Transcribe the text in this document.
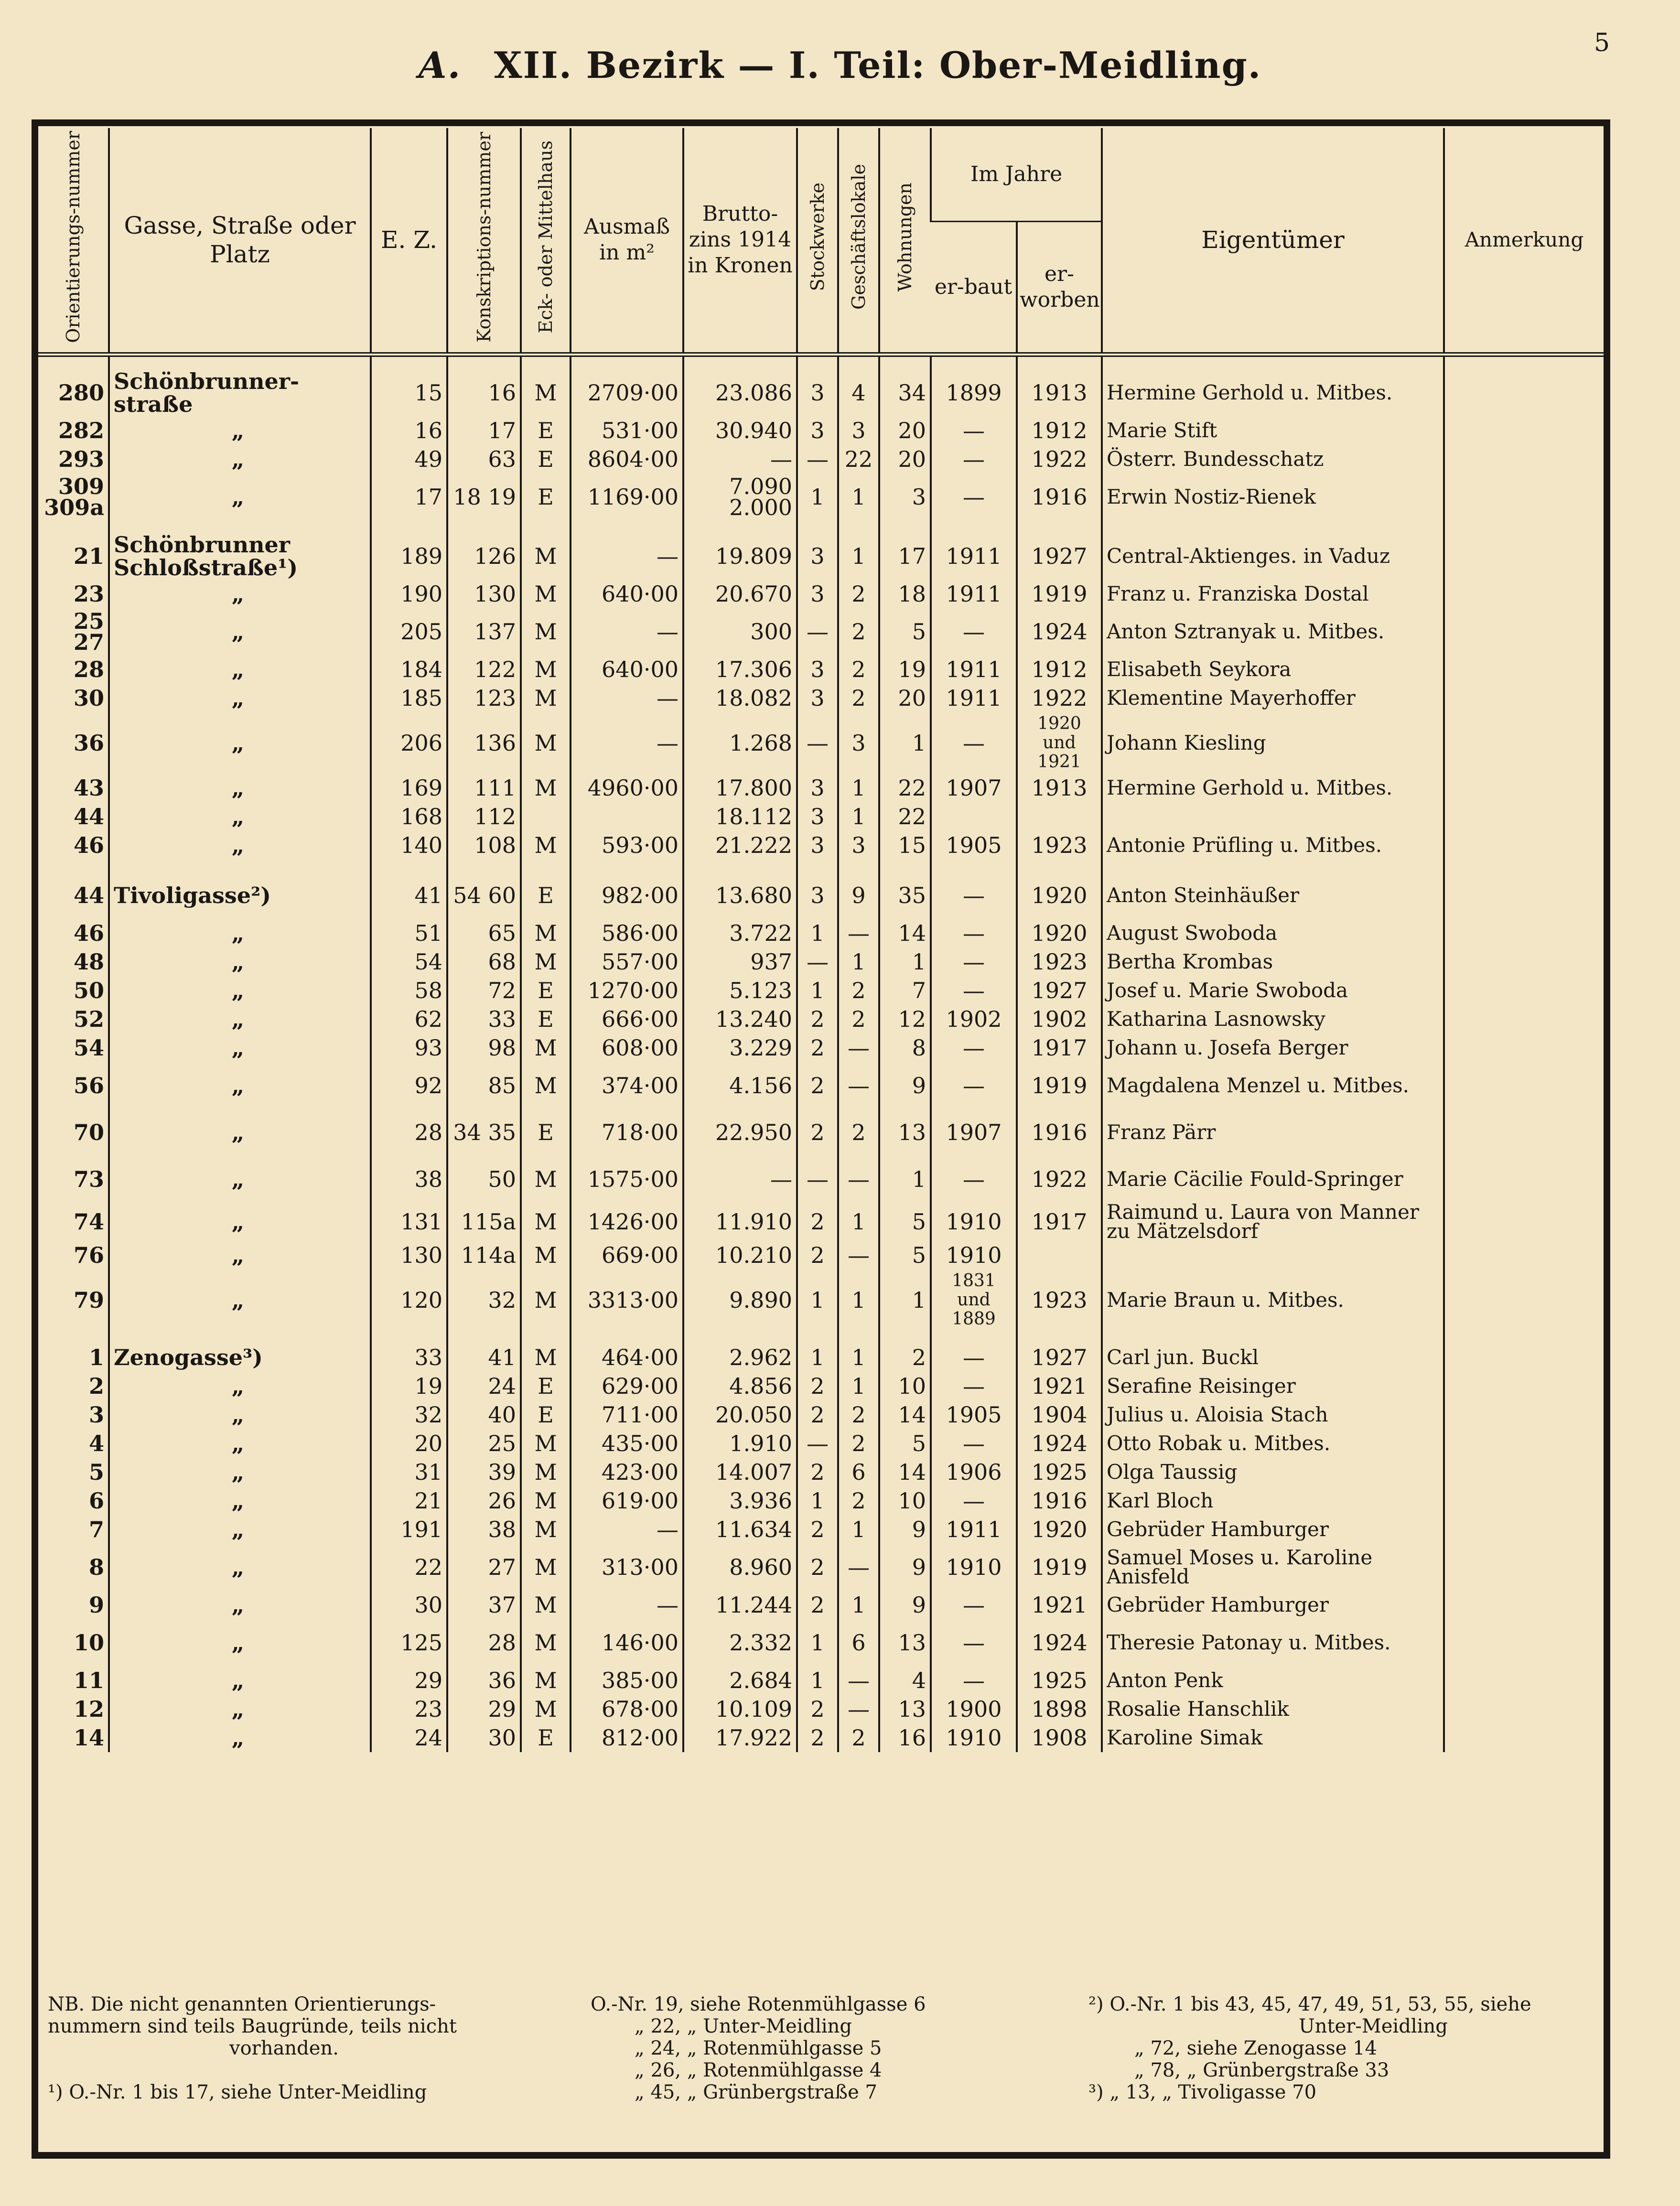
5
A. XII. Bezirk — I. Teil: Ober-Meidling.
Orientierungs-nummer	Gasse, Straße oder Platz	E. Z.	Konskriptions-nummer	Eck- oder Mittelhaus	Ausmaß in m²	Brutto-zins 1914 in Kronen	Stockwerke	Geschäftslokale	Wohnungen	Im Jahre		Eigentümer	Anmerkung
										er-baut	er-worben		

280	Schönbrunner-straße	15	16	M	2709·00	23.086	3	4	34	1899	1913	Hermine Gerhold u. Mitbes.	
282	„	16	17	E	531·00	30.940	3	3	20	—	1912	Marie Stift	
293	„	49	63	E	8604·00	—	—	22	20	—	1922	Österr. Bundesschatz	
309 309a	„	17	18 19	E	1169·00	7.090 2.000	1	1	3	—	1916	Erwin Nostiz-Rienek	

21	Schönbrunner Schloßstraße¹)	189	126	M	—	19.809	3	1	17	1911	1927	Central-Aktienges. in Vaduz	
23	„	190	130	M	640·00	20.670	3	2	18	1911	1919	Franz u. Franziska Dostal	
25 27	„	205	137	M	—	300	—	2	5	—	1924	Anton Sztranyak u. Mitbes.	
28	„	184	122	M	640·00	17.306	3	2	19	1911	1912	Elisabeth Seykora	
30	„	185	123	M	—	18.082	3	2	20	1911	1922	Klementine Mayerhoffer	
36	„	206	136	M	—	1.268	—	3	1	—	1920 und 1921	Johann Kiesling	
43	„	169	111	M	4960·00	17.800	3	1	22	1907	1913	Hermine Gerhold u. Mitbes.	
44	„	168	112			18.112	3	1	22				
46	„	140	108	M	593·00	21.222	3	3	15	1905	1923	Antonie Prüfling u. Mitbes.	

44	Tivoligasse²)	41	54 60	E	982·00	13.680	3	9	35	—	1920	Anton Steinhäußer	
46	„	51	65	M	586·00	3.722	1	—	14	—	1920	August Swoboda	
48	„	54	68	M	557·00	937	—	1	1	—	1923	Bertha Krombas	
50	„	58	72	E	1270·00	5.123	1	2	7	—	1927	Josef u. Marie Swoboda	
52	„	62	33	E	666·00	13.240	2	2	12	1902	1902	Katharina Lasnowsky	
54	„	93	98	M	608·00	3.229	2	—	8	—	1917	Johann u. Josefa Berger	
56	„	92	85	M	374·00	4.156	2	—	9	—	1919	Magdalena Menzel u. Mitbes.	
70	„	28	34 35	E	718·00	22.950	2	2	13	1907	1916	Franz Pärr	
73	„	38	50	M	1575·00	—	—	—	1	—	1922	Marie Cäcilie Fould-Springer	
74	„	131	115a	M	1426·00	11.910	2	1	5	1910	1917	Raimund u. Laura von Manner zu Mätzelsdorf	
76	„	130	114a	M	669·00	10.210	2	—	5	1910			
79	„	120	32	M	3313·00	9.890	1	1	1	1831 und 1889	1923	Marie Braun u. Mitbes.	

1	Zenogasse³)	33	41	M	464·00	2.962	1	1	2	—	1927	Carl jun. Buckl	
2	„	19	24	E	629·00	4.856	2	1	10	—	1921	Serafine Reisinger	
3	„	32	40	E	711·00	20.050	2	2	14	1905	1904	Julius u. Aloisia Stach	
4	„	20	25	M	435·00	1.910	—	2	5	—	1924	Otto Robak u. Mitbes.	
5	„	31	39	M	423·00	14.007	2	6	14	1906	1925	Olga Taussig	
6	„	21	26	M	619·00	3.936	1	2	10	—	1916	Karl Bloch	
7	„	191	38	M	—	11.634	2	1	9	1911	1920	Gebrüder Hamburger	
8	„	22	27	M	313·00	8.960	2	—	9	1910	1919	Samuel Moses u. Karoline Anisfeld	
9	„	30	37	M	—	11.244	2	1	9	—	1921	Gebrüder Hamburger	
10	„	125	28	M	146·00	2.332	1	6	13	—	1924	Theresie Patonay u. Mitbes.	
11	„	29	36	M	385·00	2.684	1	—	4	—	1925	Anton Penk	
12	„	23	29	M	678·00	10.109	2	—	13	1900	1898	Rosalie Hanschlik	
14	„	24	30	E	812·00	17.922	2	2	16	1910	1908	Karoline Simak	
NB. Die nicht genannten Orientierungs-
nummern sind teils Baugründe, teils nicht
vorhanden.
¹) O.-Nr. 1 bis 17, siehe Unter-Meidling
O.-Nr. 19, siehe Rotenmühlgasse 6
„ 22, „ Unter-Meidling
„ 24, „ Rotenmühlgasse 5
„ 26, „ Rotenmühlgasse 4
„ 45, „ Grünbergstraße 7
²) O.-Nr. 1 bis 43, 45, 47, 49, 51, 53, 55, siehe
Unter-Meidling
„ 72, siehe Zenogasse 14
„ 78, „ Grünbergstraße 33
³) „ 13, „ Tivoligasse 70
